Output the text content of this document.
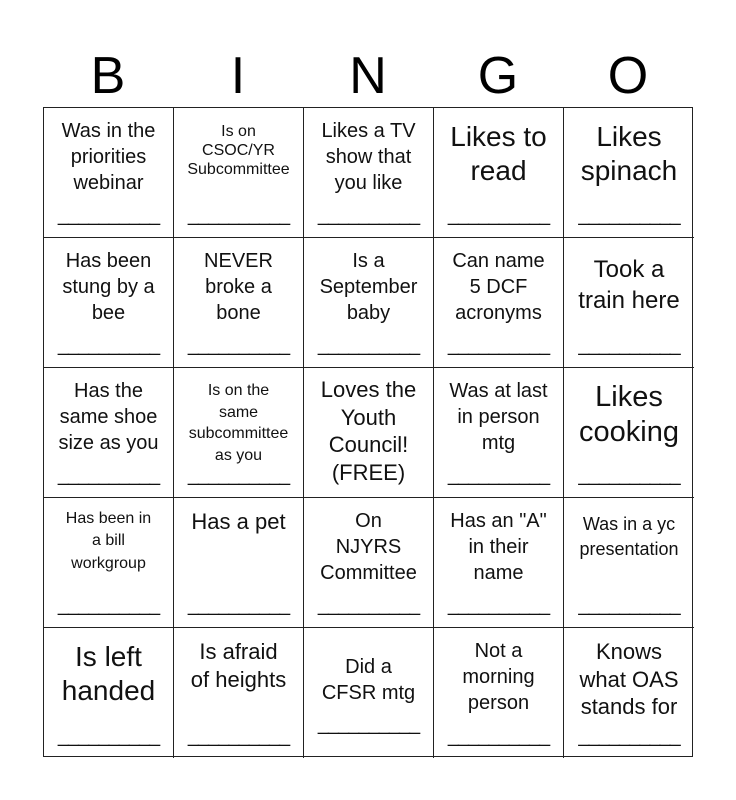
B	I	N	G	O
Was in the
priorities
webinar
__________
Is on
CSOC/YR
Subcommittee
__________
Likes a TV
show that
you like
__________
Likes to
read
__________
Likes
spinach
__________
Has been
stung by a
bee
__________
NEVER
broke a
bone
__________
Is a
September
baby
__________
Can name
5 DCF
acronyms
__________
Took a
train here
__________
Has the
same shoe
size as you
__________
Is on the
same
subcommittee
as you
__________
Loves the
Youth
Council!
(FREE)
Was at last
in person
mtg
__________
Likes
cooking
__________
Has been in
a bill
workgroup
__________
Has a pet
__________
On
NJYRS
Committee
__________
Has an "A"
in their
name
__________
Was in a yc
presentation
__________
Is left
handed
__________
Is afraid
of heights
__________
Did a
CFSR mtg
__________
Not a
morning
person
__________
Knows
what OAS
stands for
__________
